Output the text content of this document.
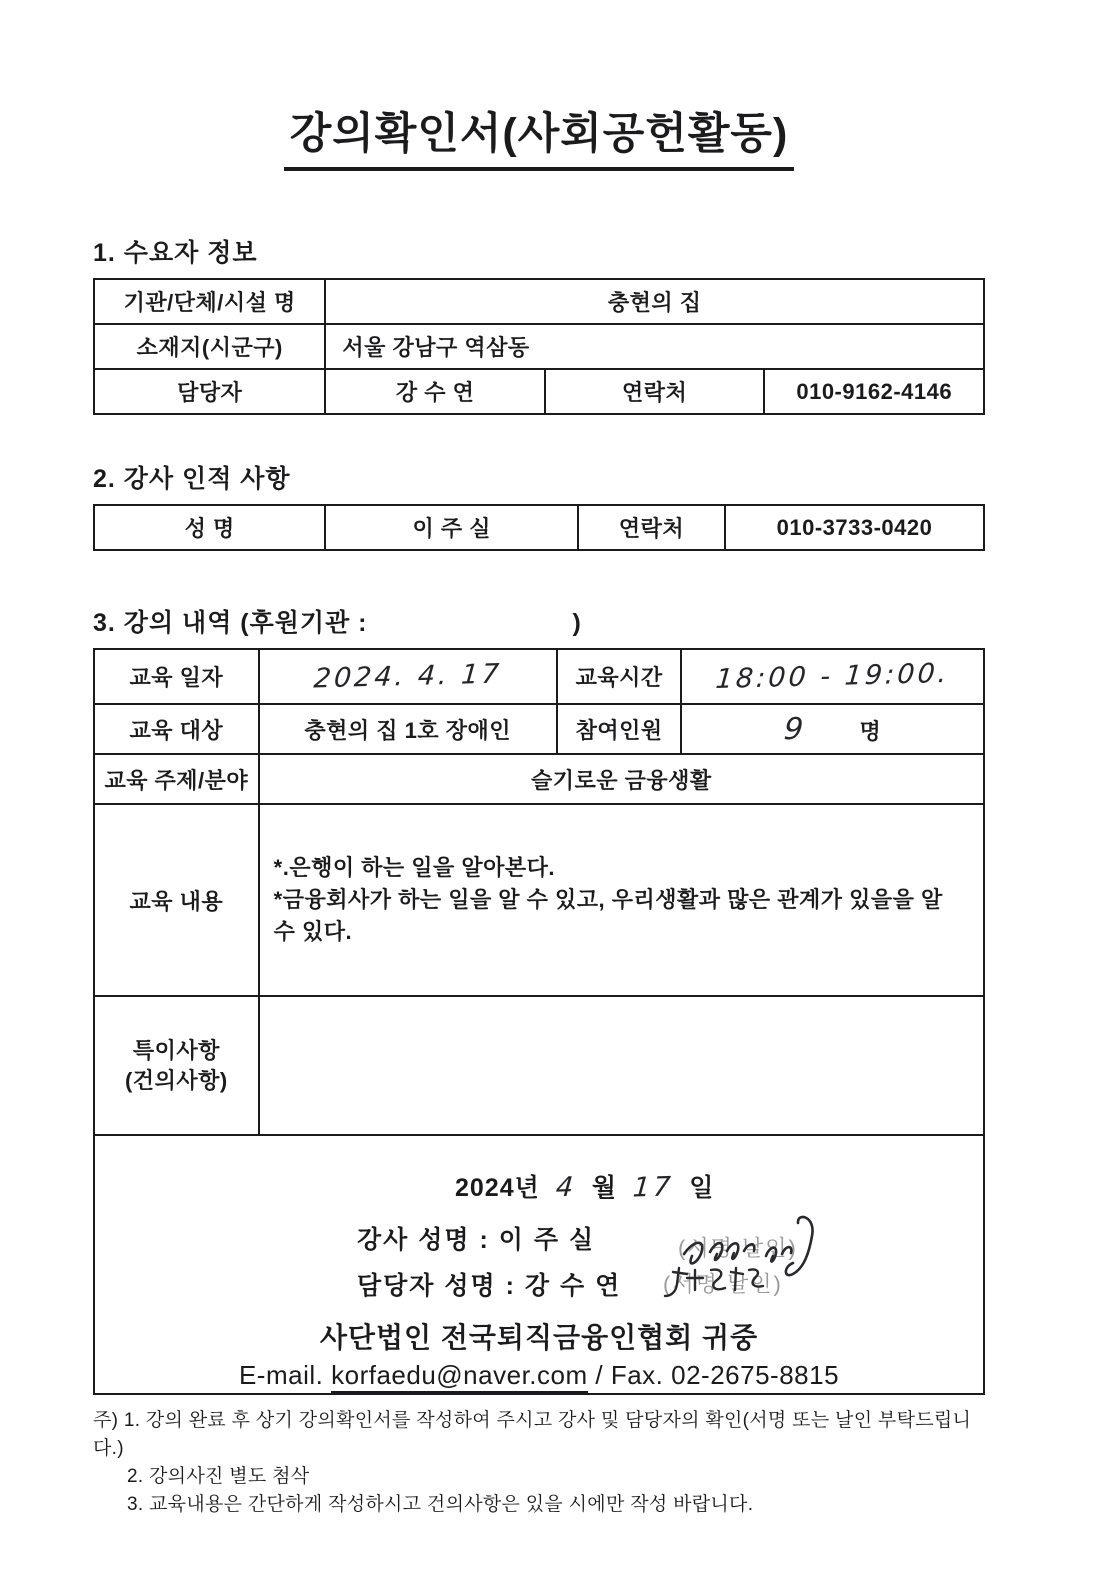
강의확인서(사회공헌활동)
1. 수요자 정보
기관/단체/시설 명	충현의 집		
소재지(시군구)	서울 강남구 역삼동		
담당자	강 수 연	연락처	010-9162-4146
2. 강사 인적 사항
성 명	이 주 실	연락처	010-3733-0420
3. 강의 내역 (후원기관 :	)
교육 일자	2024. 4. 17	교육시간	18:00 - 19:00.
교육 대상	충현의 집 1호 장애인	참여인원	9 명
교육 주제/분야	슬기로운 금융생활		
교육 내용	*.은행이 하는 일을 알아본다.

*금융회사가 하는 일을 알 수 있고, 우리생활과 많은 관계가 있을을 알 수 있다.		

특이사항
(건의사항)			

2024년 4 월 17 일
강사 성명 : 이 주 실
담당자 성명 : 강 수 연
(서명 날인)
(서명 날인)
사단법인 전국퇴직금융인협회 귀중
E-mail. korfaedu@naver.com / Fax. 02-2675-8815
주) 1. 강의 완료 후 상기 강의확인서를 작성하여 주시고 강사 및 담당자의 확인(서명 또는 날인 부탁드립니다.)
2. 강의사진 별도 첨삭
3. 교육내용은 간단하게 작성하시고 건의사항은 있을 시에만 작성 바랍니다.
